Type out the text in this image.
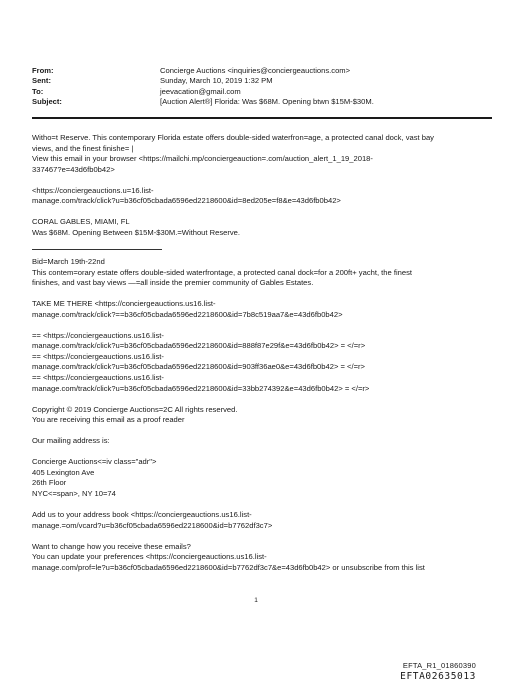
From:	Concierge Auctions <inquiries@conciergeauctions.com>
Sent:	Sunday, March 10, 2019 1:32 PM
To:	jeevacation@gmail.com
Subject:	[Auction Alert®] Florida: Was $68M. Opening btwn $15M-$30M.

Witho=t Reserve. This contemporary Florida estate offers double-sided waterfron=age, a protected canal dock, vast bay
views, and the finest finishe= |
View this email in your browser <https://mailchi.mp/conciergeauction=.com/auction_alert_1_19_2018-
337467?e=43d6fb0b42>

<https://conciergeauctions.u=16.list-
manage.com/track/click?u=b36cf05cbada6596ed2218600&id=8ed205e=f8&e=43d6fb0b42>

CORAL GABLES, MIAMI, FL
Was $68M. Opening Between $15M-$30M.=Without Reserve.

Bid=March 19th-22nd
This contem=orary estate offers double-sided waterfrontage, a protected canal dock=for a 200ft+ yacht, the finest
finishes, and vast bay views —=all inside the premier community of Gables Estates.

TAKE ME THERE <https://conciergeauctions.us16.list-
manage.com/track/click?==b36cf05cbada6596ed2218600&id=7b8c519aa7&e=43d6fb0b42>

== <https://conciergeauctions.us16.list-
manage.com/track/click?u=b36cf05cbada6596ed2218600&id=888f87e29f&e=43d6fb0b42> = </=r>
== <https://conciergeauctions.us16.list-
manage.com/track/click?u=b36cf05cbada6596ed2218600&id=903ff36ae0&e=43d6fb0b42> = </=r>
== <https://conciergeauctions.us16.list-
manage.com/track/click?u=b36cf05cbada6596ed2218600&id=33bb274392&e=43d6fb0b42> = </=r>

Copyright © 2019 Concierge Auctions=2C All rights reserved.
You are receiving this email as a proof reader

Our mailing address is:

Concierge Auctions<=iv class="adr">
405 Lexington Ave
26th Floor
NYC<=span>, NY 10=74

Add us to your address book <https://conciergeauctions.us16.list-
manage.=om/vcard?u=b36cf05cbada6596ed2218600&id=b7762df3c7>

Want to change how you receive these emails?
You can update your preferences <https://conciergeauctions.us16.list-
manage.com/prof=le?u=b36cf05cbada6596ed2218600&id=b7762df3c7&e=43d6fb0b42> or unsubscribe from this list

1
EFTA_R1_01860390
EFTA02635013
